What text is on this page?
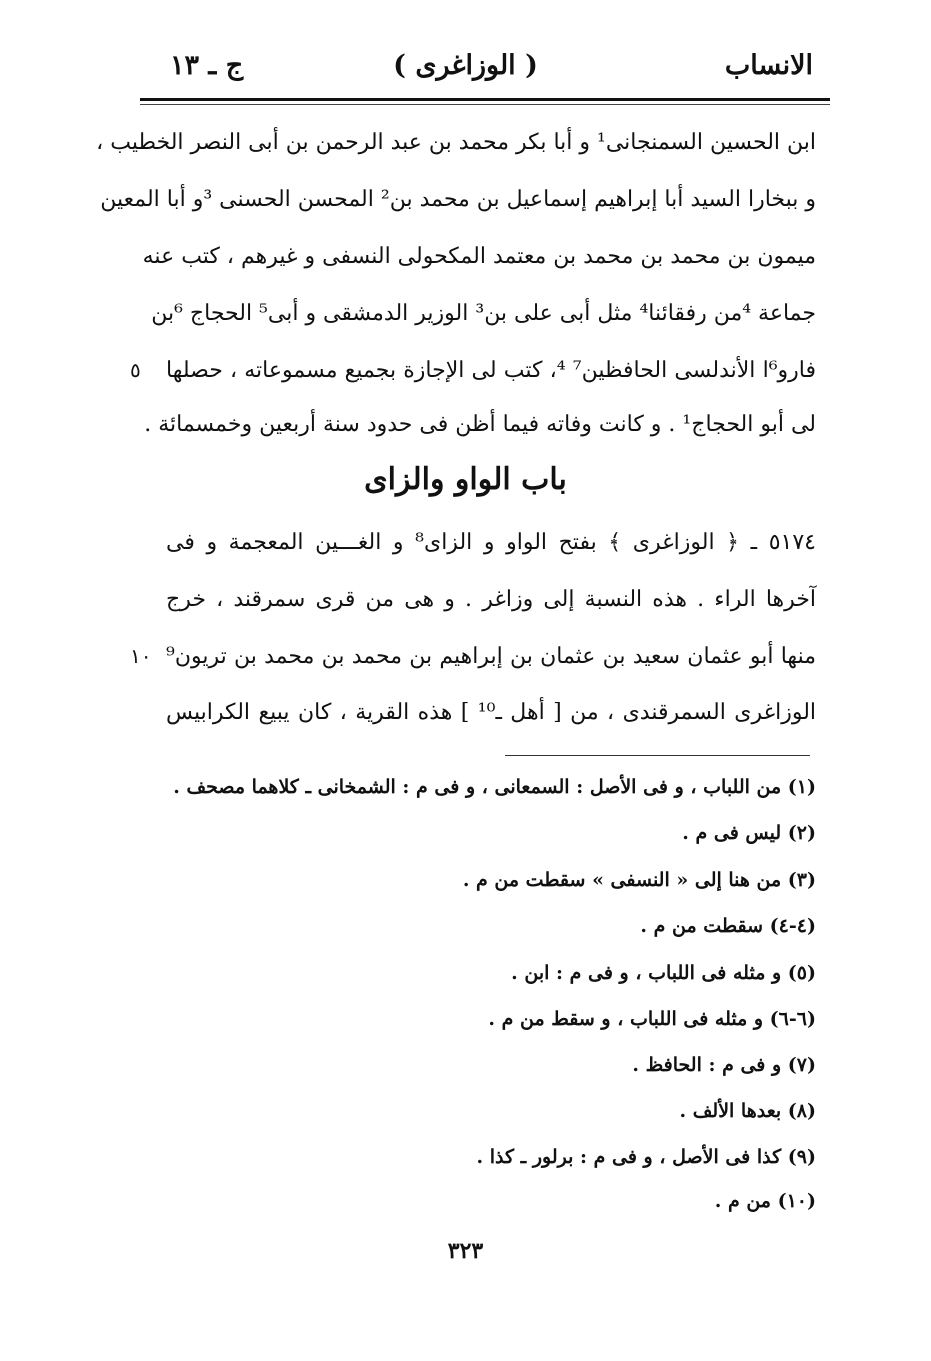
الانساب
( الوزاغرى )
ج ـ ١٣
ابن الحسين السمنجانى¹ و أبا بكر محمد بن عبد الرحمن بن أبى النصر الخطيب ،
و ببخارا السيد أبا إبراهيم إسماعيل بن محمد بن² المحسن الحسنى ³و أبا المعين
ميمون بن محمد بن محمد بن معتمد المكحولى النسفى و غيرهم ، كتب عنه
جماعة ⁴من رفقائنا⁴ مثل أبى على بن³ الوزير الدمشقى و أبى⁵ الحجاج ⁶بن
فارو⁶ا الأندلسى الحافظين⁷ ⁴، كتب لى الإجازة بجميع مسموعاته ، حصلها
٥
لى أبو الحجاج¹ . و كانت وفاته فيما أظن فى حدود سنة أربعين وخمسمائة .
باب الواو والزاى
٥١٧٤ ـ ﴿ الوزاغرى ﴾ بفتح الواو و الزاى⁸ و الغـــين المعجمة و فى
آخرها الراء . هذه النسبة إلى وزاغر . و هى من قرى سمرقند ، خرج
منها أبو عثمان سعيد بن عثمان بن إبراهيم بن محمد بن محمد بن تريون⁹
١٠
الوزاغرى السمرقندى ، من [ أهل ـ¹⁰ ] هذه القرية ، كان يبيع الكرابيس
(١) من اللباب ، و فى الأصل : السمعانى ، و فى م : الشمخانى ـ كلاهما مصحف .
(٢) ليس فى م .
(٣) من هنا إلى « النسفى » سقطت من م .
(٤-٤) سقطت من م .
(٥) و مثله فى اللباب ، و فى م : ابن .
(٦-٦) و مثله فى اللباب ، و سقط من م .
(٧) و فى م : الحافظ .
(٨) بعدها الألف .
(٩) كذا فى الأصل ، و فى م : برلور ـ كذا .
(١٠) من م .
٣٢٣
